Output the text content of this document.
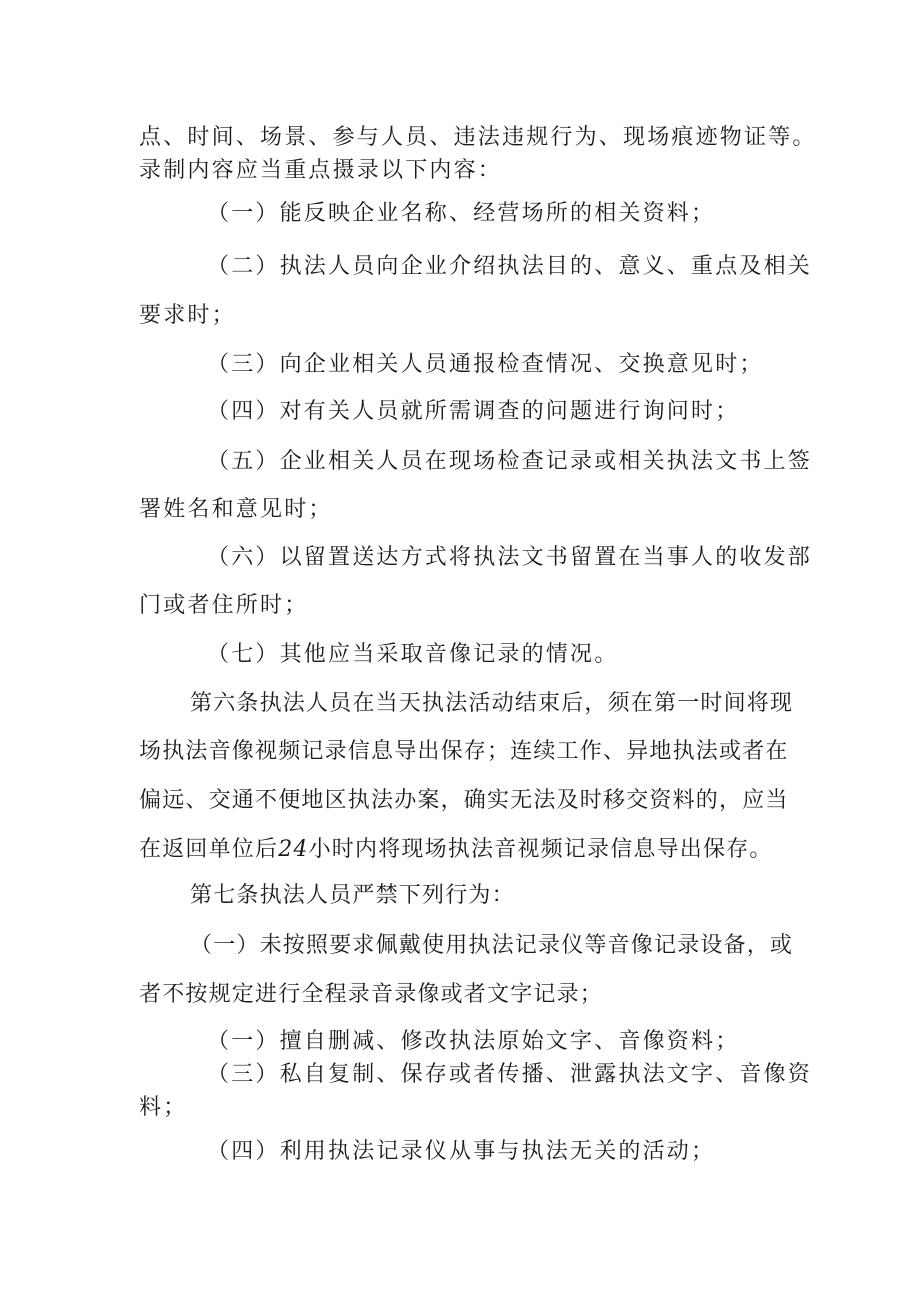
点、时间、场景、参与人员、违法违规行为、现场痕迹物证等。
录制内容应当重点摄录以下内容：
（一）能反映企业名称、经营场所的相关资料；
（二）执法人员向企业介绍执法目的、意义、重点及相关
要求时；
（三）向企业相关人员通报检查情况、交换意见时；
（四）对有关人员就所需调查的问题进行询问时；
（五）企业相关人员在现场检查记录或相关执法文书上签
署姓名和意见时；
（六）以留置送达方式将执法文书留置在当事人的收发部
门或者住所时；
（七）其他应当采取音像记录的情况。
第六条执法人员在当天执法活动结束后，须在第一时间将现
场执法音像视频记录信息导出保存；连续工作、异地执法或者在
偏远、交通不便地区执法办案，确实无法及时移交资料的，应当
在返回单位后24小时内将现场执法音视频记录信息导出保存。
第七条执法人员严禁下列行为：
（一）未按照要求佩戴使用执法记录仪等音像记录设备，或
者不按规定进行全程录音录像或者文字记录；
（一）擅自删减、修改执法原始文字、音像资料；
（三）私自复制、保存或者传播、泄露执法文字、音像资
料；
（四）利用执法记录仪从事与执法无关的活动；
